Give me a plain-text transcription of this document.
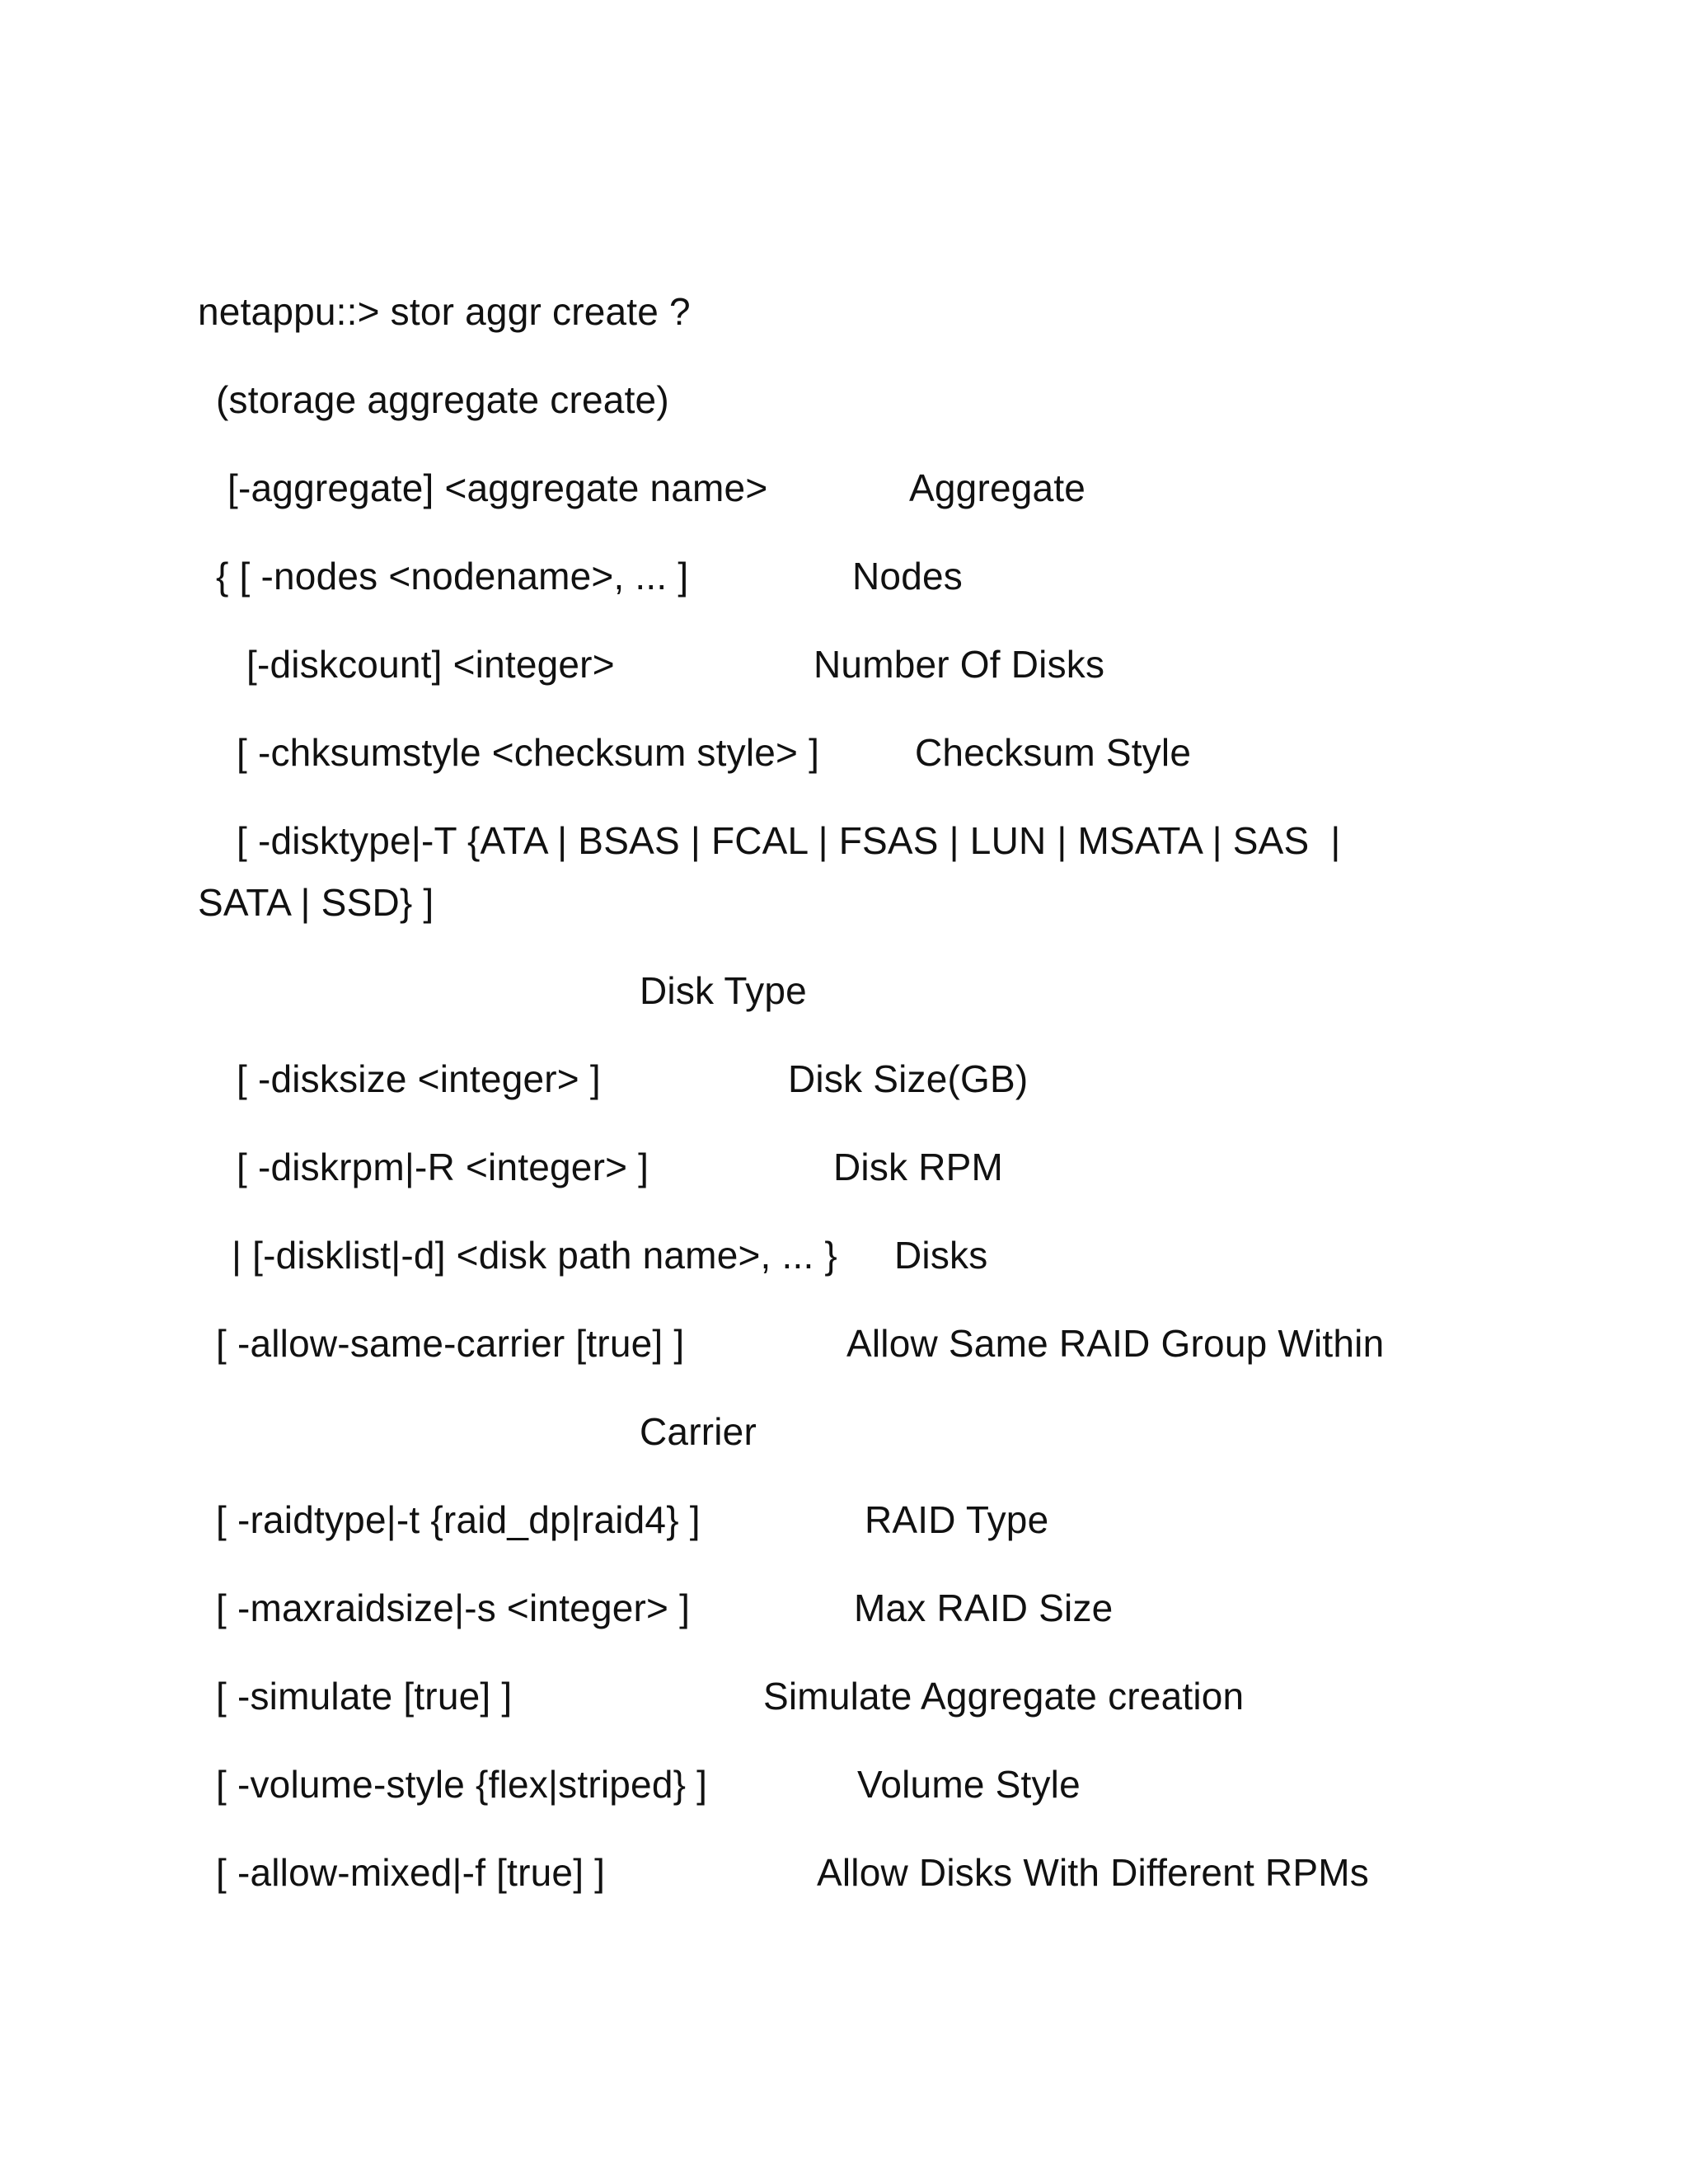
netappu::> stor aggr create ?
(storage aggregate create)
[-aggregate] <aggregate name>	Aggregate
{ [ -nodes <nodename>, ... ]	Nodes
[-diskcount] <integer>	Number Of Disks
[ -chksumstyle <checksum style> ]	Checksum Style
[ -disktype|-T {ATA | BSAS | FCAL | FSAS | LUN | MSATA | SAS  |
SATA | SSD} ]
Disk Type
[ -disksize <integer> ]	Disk Size(GB)
[ -diskrpm|-R <integer> ]	Disk RPM
| [-disklist|-d] <disk path name>, ... } Disks
[ -allow-same-carrier [true] ]	Allow Same RAID Group Within
Carrier
[ -raidtype|-t {raid_dp|raid4} ]	RAID Type
[ -maxraidsize|-s <integer> ]	Max RAID Size
[ -simulate [true] ]	Simulate Aggregate creation
[ -volume-style {flex|striped} ]	Volume Style
[ -allow-mixed|-f [true] ]	Allow Disks With Different RPMs
